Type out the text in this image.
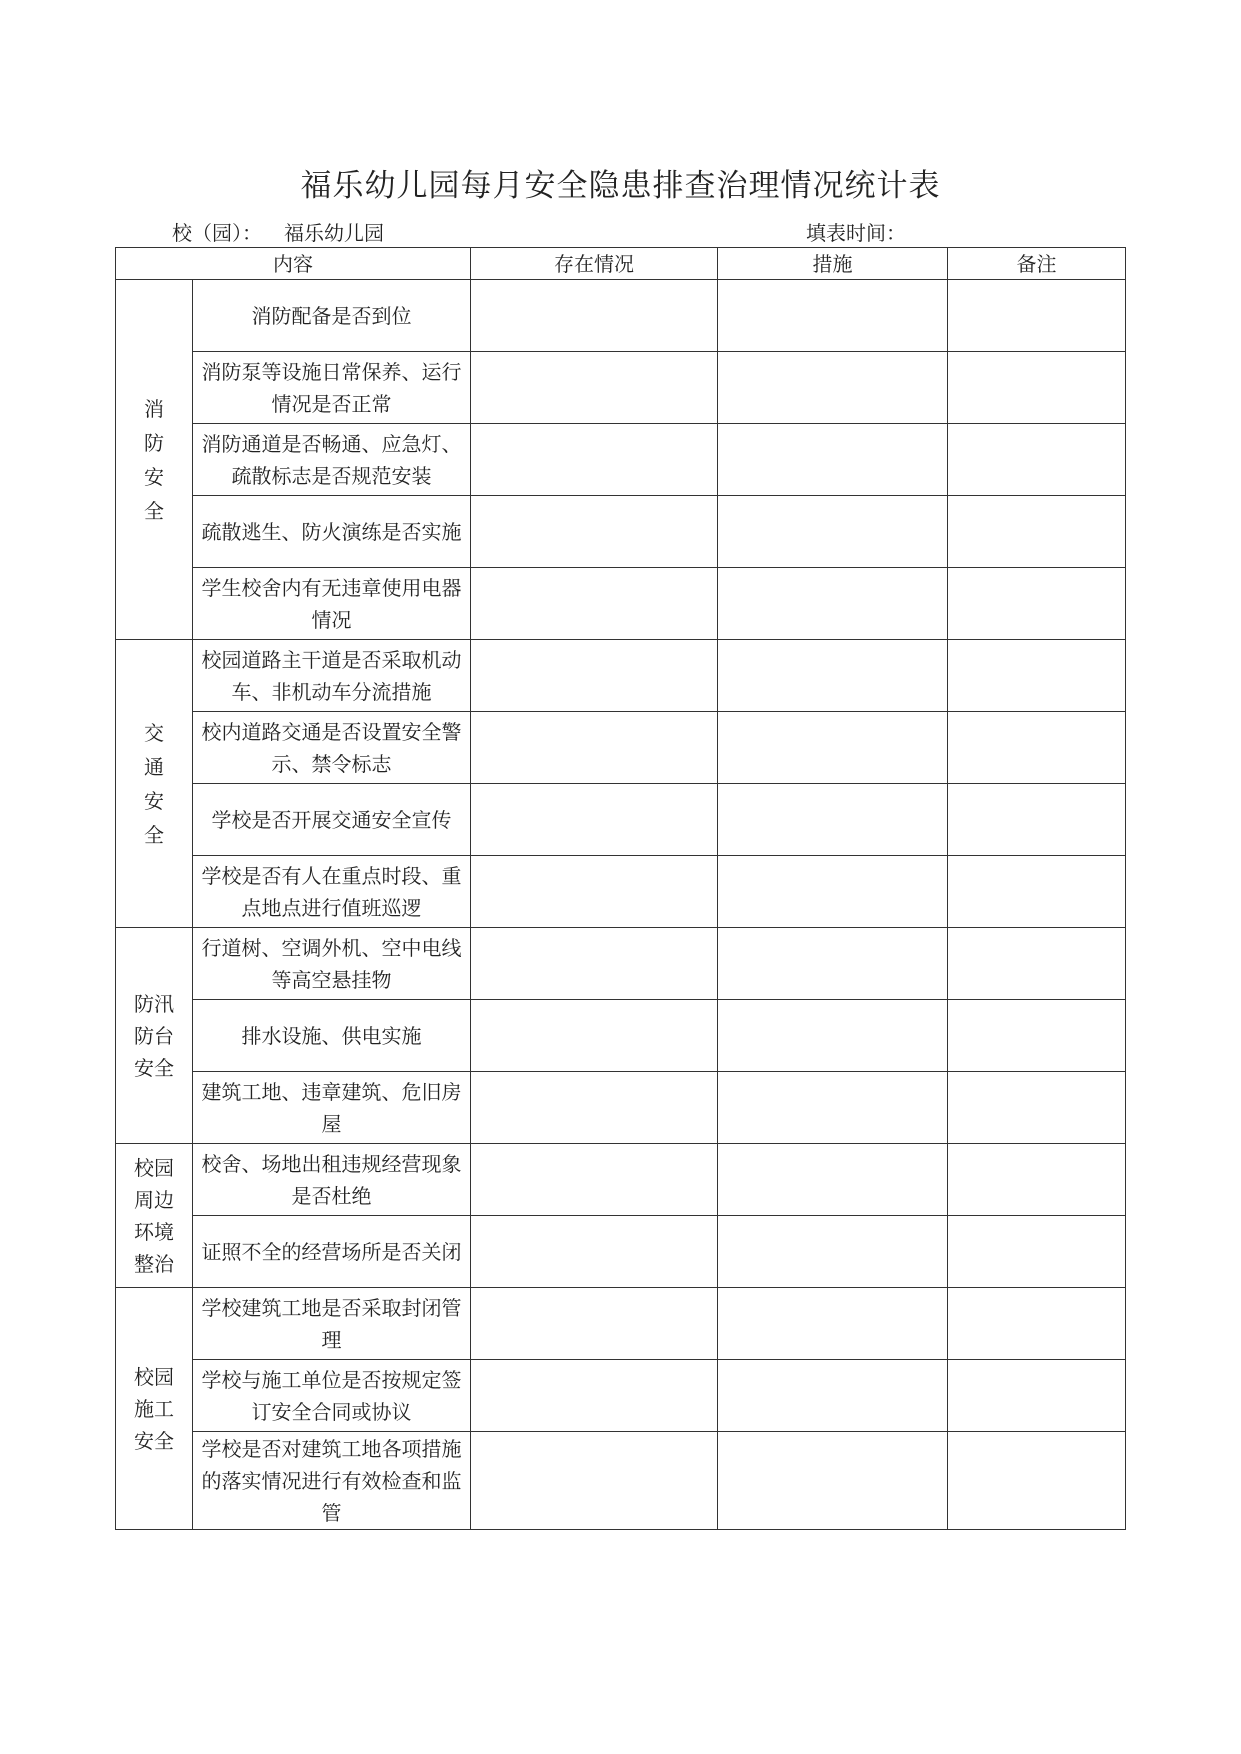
福乐幼儿园每月安全隐患排查治理情况统计表
校（园）： 福乐幼儿园	填表时间：
内容		存在情况	措施	备注

消
防
安
全	消防配备是否到位			
	消防泵等设施日常保养、运行情况是否正常			
	消防通道是否畅通、应急灯、疏散标志是否规范安装			
	疏散逃生、防火演练是否实施			
	学生校舍内有无违章使用电器情况			

交
通
安
全	校园道路主干道是否采取机动车、非机动车分流措施			
	校内道路交通是否设置安全警示、禁令标志			
	学校是否开展交通安全宣传			
	学校是否有人在重点时段、重点地点进行值班巡逻			

防汛
防台
安全	行道树、空调外机、空中电线等高空悬挂物			
	排水设施、供电实施			
	建筑工地、违章建筑、危旧房屋			

校园
周边
环境
整治	校舍、场地出租违规经营现象是否杜绝			
	证照不全的经营场所是否关闭			

校园
施工
安全	学校建筑工地是否采取封闭管理			
	学校与施工单位是否按规定签订安全合同或协议			
	学校是否对建筑工地各项措施的落实情况进行有效检查和监管			
